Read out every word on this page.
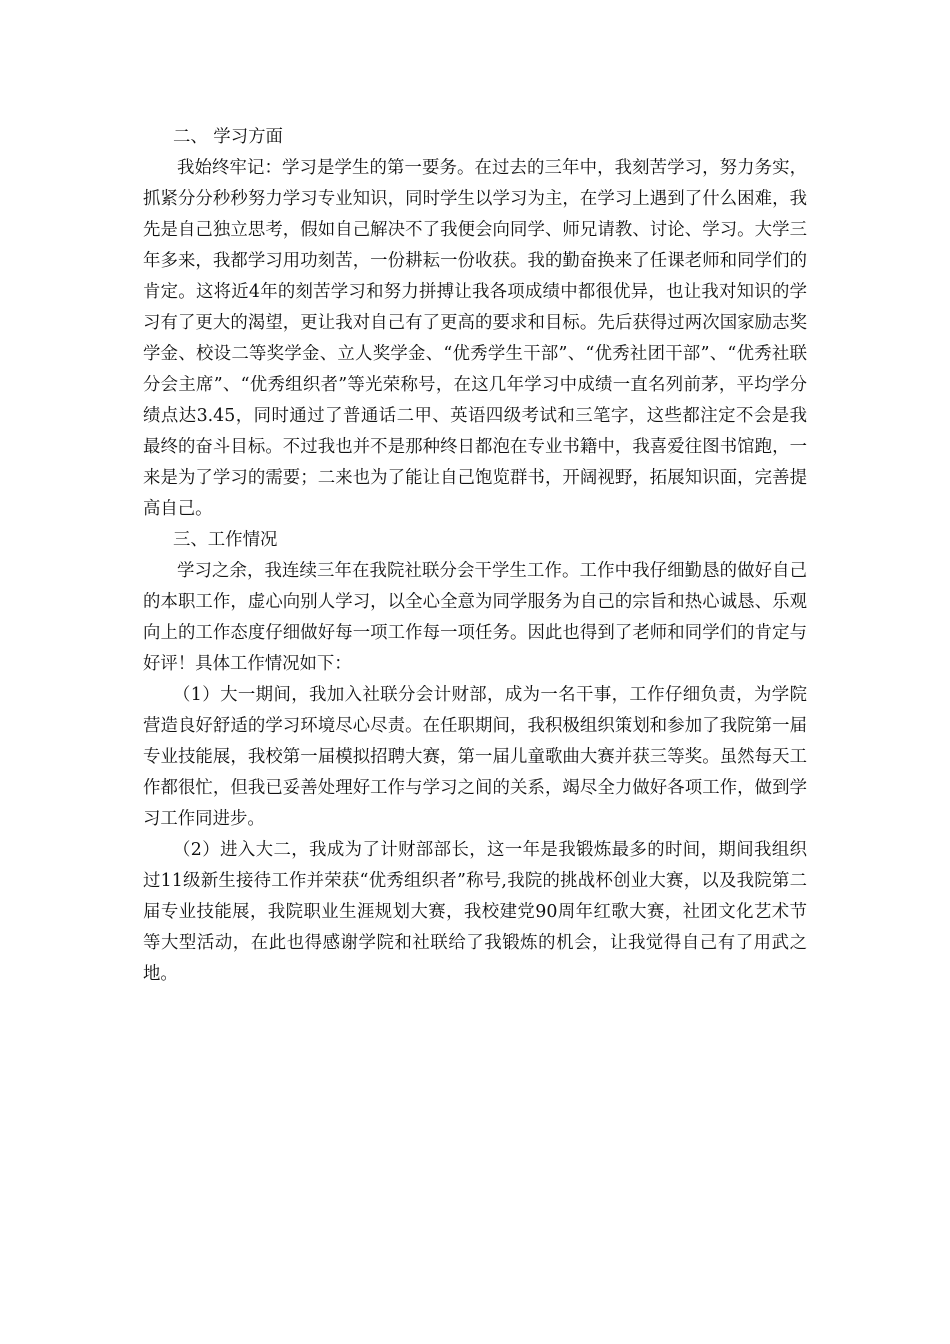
二、 学习方面

我始终牢记：学习是学生的第一要务。在过去的三年中，我刻苦学习，努力务实，抓紧分分秒秒努力学习专业知识，同时学生以学习为主，在学习上遇到了什么困难，我先是自己独立思考，假如自己解决不了我便会向同学、师兄请教、讨论、学习。大学三年多来，我都学习用功刻苦，一份耕耘一份收获。我的勤奋换来了任课老师和同学们的肯定。这将近4年的刻苦学习和努力拼搏让我各项成绩中都很优异，也让我对知识的学习有了更大的渴望，更让我对自己有了更高的要求和目标。先后获得过两次国家励志奖学金、校设二等奖学金、立人奖学金、“优秀学生干部”、“优秀社团干部”、“优秀社联分会主席”、“优秀组织者”等光荣称号，在这几年学习中成绩一直名列前茅，平均学分绩点达3.45，同时通过了普通话二甲、英语四级考试和三笔字，这些都注定不会是我最终的奋斗目标。不过我也并不是那种终日都泡在专业书籍中，我喜爱往图书馆跑，一来是为了学习的需要；二来也为了能让自己饱览群书，开阔视野，拓展知识面，完善提高自己。

三、工作情况

学习之余，我连续三年在我院社联分会干学生工作。工作中我仔细勤恳的做好自己的本职工作，虚心向别人学习，以全心全意为同学服务为自己的宗旨和热心诚恳、乐观向上的工作态度仔细做好每一项工作每一项任务。因此也得到了老师和同学们的肯定与好评！具体工作情况如下：

（1）大一期间，我加入社联分会计财部，成为一名干事，工作仔细负责，为学院营造良好舒适的学习环境尽心尽责。在任职期间，我积极组织策划和参加了我院第一届专业技能展，我校第一届模拟招聘大赛，第一届儿童歌曲大赛并获三等奖。虽然每天工作都很忙，但我已妥善处理好工作与学习之间的关系，竭尽全力做好各项工作，做到学习工作同进步。

（2）进入大二，我成为了计财部部长，这一年是我锻炼最多的时间，期间我组织过11级新生接待工作并荣获“优秀组织者”称号,我院的挑战杯创业大赛，以及我院第二届专业技能展，我院职业生涯规划大赛，我校建党90周年红歌大赛，社团文化艺术节等大型活动，在此也得感谢学院和社联给了我锻炼的机会，让我觉得自己有了用武之地。
